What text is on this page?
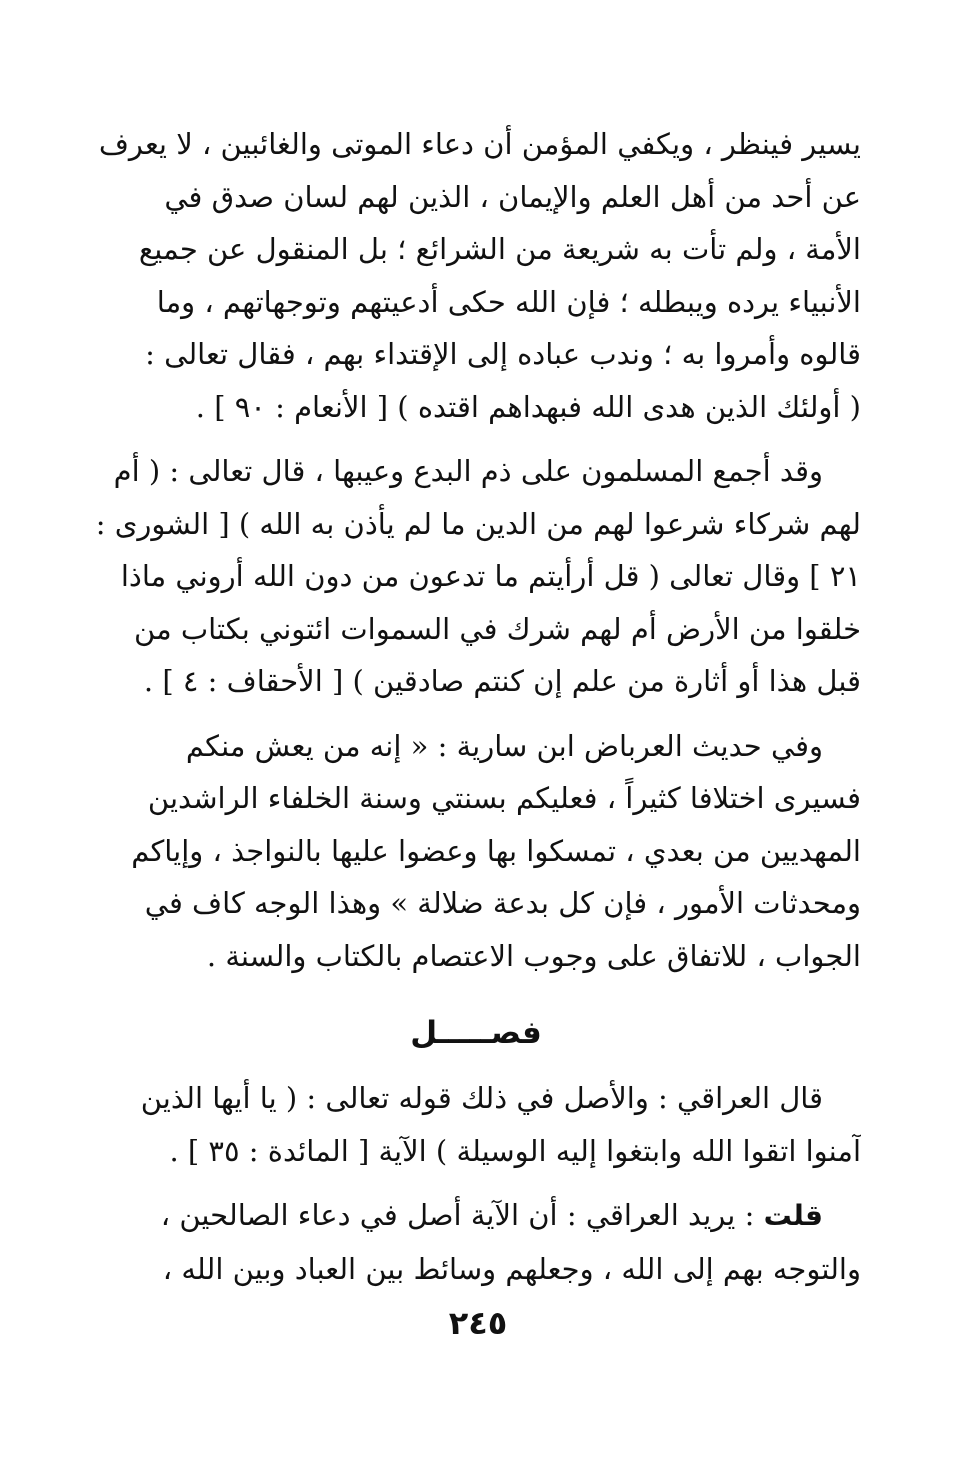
يسير فينظر ، ويكفي المؤمن أن دعاء الموتى والغائبين ، لا يعرف
عن أحد من أهل العلم والإيمان ، الذين لهم لسان صدق في
الأمة ، ولم تأت به شريعة من الشرائع ؛ بل المنقول عن جميع
الأنبياء يرده ويبطله ؛ فإن الله حكى أدعيتهم وتوجهاتهم ، وما
قالوه وأمروا به ؛ وندب عباده إلى الإقتداء بهم ، فقال تعالى :
( أولئك الذين هدى الله فبهداهم اقتده ) [ الأنعام : ٩٠ ] .
وقد أجمع المسلمون على ذم البدع وعيبها ، قال تعالى : ( أم
لهم شركاء شرعوا لهم من الدين ما لم يأذن به الله ) [ الشورى :
٢١ ] وقال تعالى ( قل أرأيتم ما تدعون من دون الله أروني ماذا
خلقوا من الأرض أم لهم شرك في السموات ائتوني بكتاب من
قبل هذا أو أثارة من علم إن كنتم صادقين ) [ الأحقاف : ٤ ] .
وفي حديث العرباض ابن سارية : « إنه من يعش منكم
فسيرى اختلافا كثيراً ، فعليكم بسنتي وسنة الخلفاء الراشدين
المهديين من بعدي ، تمسكوا بها وعضوا عليها بالنواجذ ، وإياكم
ومحدثات الأمور ، فإن كل بدعة ضلالة » وهذا الوجه كاف في
الجواب ، للاتفاق على وجوب الاعتصام بالكتاب والسنة .
فصـــــل
قال العراقي : والأصل في ذلك قوله تعالى : ( يا أيها الذين
آمنوا اتقوا الله وابتغوا إليه الوسيلة ) الآية [ المائدة : ٣٥ ] .
قلت : يريد العراقي : أن الآية أصل في دعاء الصالحين ،
والتوجه بهم إلى الله ، وجعلهم وسائط بين العباد وبين الله ،
٢٤٥
